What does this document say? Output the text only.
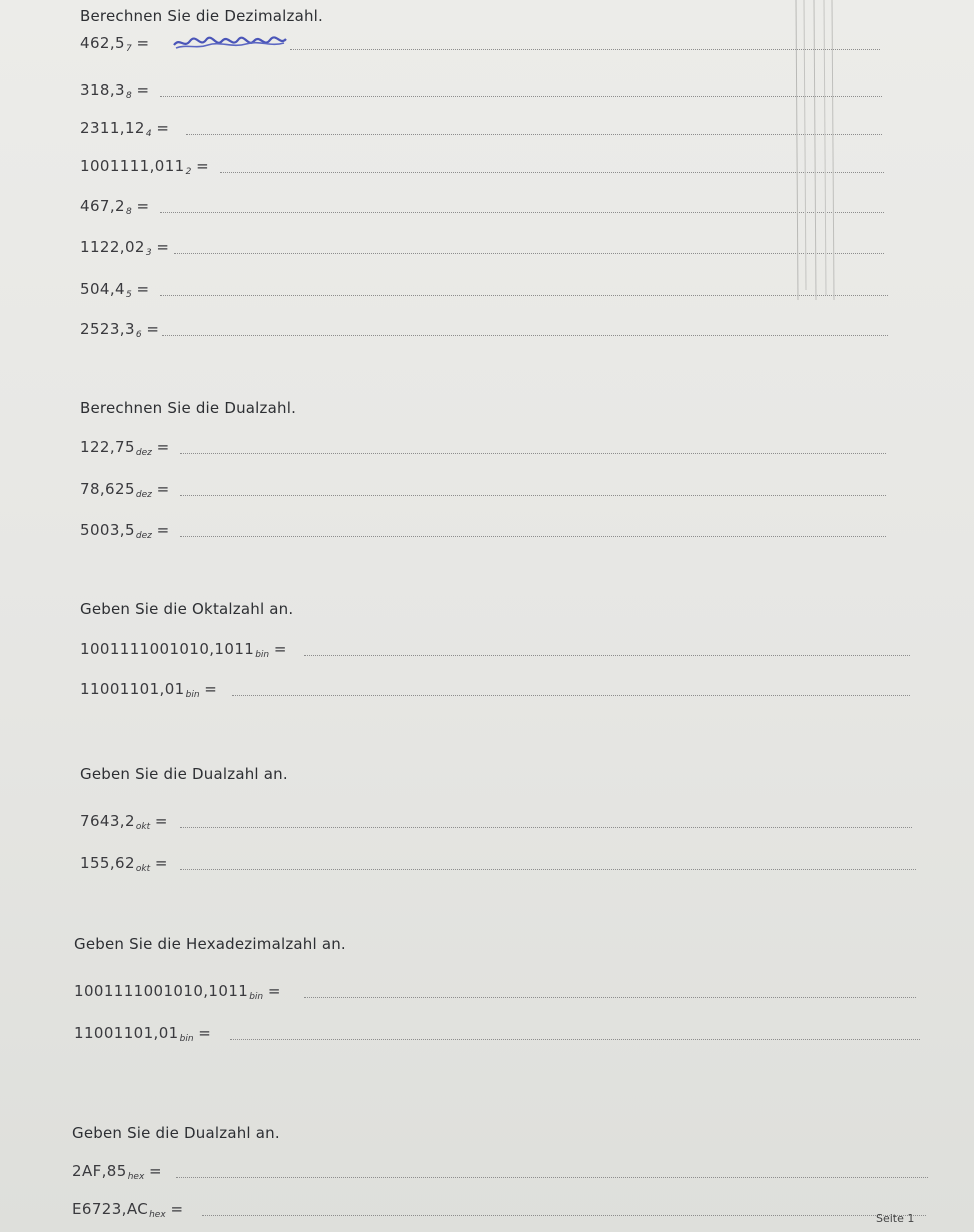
Berechnen Sie die Dezimalzahl.
$462,5_7$ =
$318,3_8$ =
$2311,12_4$ =
$1001111,011_2$ =
$467,2_8$ =
$1122,02_3$ =
$504,4_5$ =
$2523,3_6$ =
Berechnen Sie die Dualzahl.
$122,75_{dez}$ =
$78,625_{dez}$ =
$5003,5_{dez}$ =
Geben Sie die Oktalzahl an.
$1001111001010,1011_{bin}$ =
$11001101,01_{bin}$ =
Geben Sie die Dualzahl an.
$7643,2_{okt}$ =
$155,62_{okt}$ =
Geben Sie die Hexadezimalzahl an.
$1001111001010,1011_{bin}$ =
$11001101,01_{bin}$ =
Geben Sie die Dualzahl an.
$2AF,85_{hex}$ =
$E6723,AC_{hex}$ =
Seite 1
